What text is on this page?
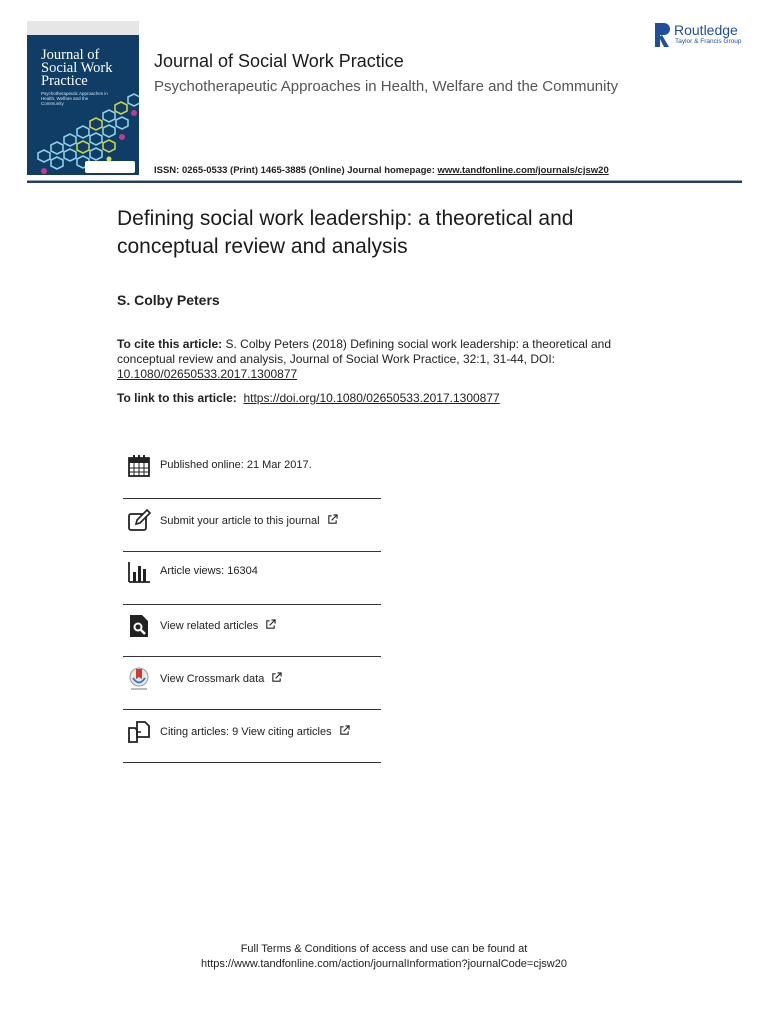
Journal of Social Work Practice
Psychotherapeutic Approaches in Health, Welfare and the Community
Journal of Social Work Practice
Psychotherapeutic Approaches in Health, Welfare and the Community
ISSN: 0265-0533 (Print) 1465-3885 (Online) Journal homepage: www.tandfonline.com/journals/cjsw20
Routledge
Taylor & Francis Group
Defining social work leadership: a theoretical and conceptual review and analysis
S. Colby Peters
To cite this article: S. Colby Peters (2018) Defining social work leadership: a theoretical and conceptual review and analysis, Journal of Social Work Practice, 32:1, 31-44, DOI: 10.1080/02650533.2017.1300877
To link to this article: https://doi.org/10.1080/02650533.2017.1300877
Published online: 21 Mar 2017.
Submit your article to this journal
Article views: 16304
View related articles
View Crossmark data
Citing articles: 9 View citing articles
Full Terms & Conditions of access and use can be found at
https://www.tandfonline.com/action/journalInformation?journalCode=cjsw20
